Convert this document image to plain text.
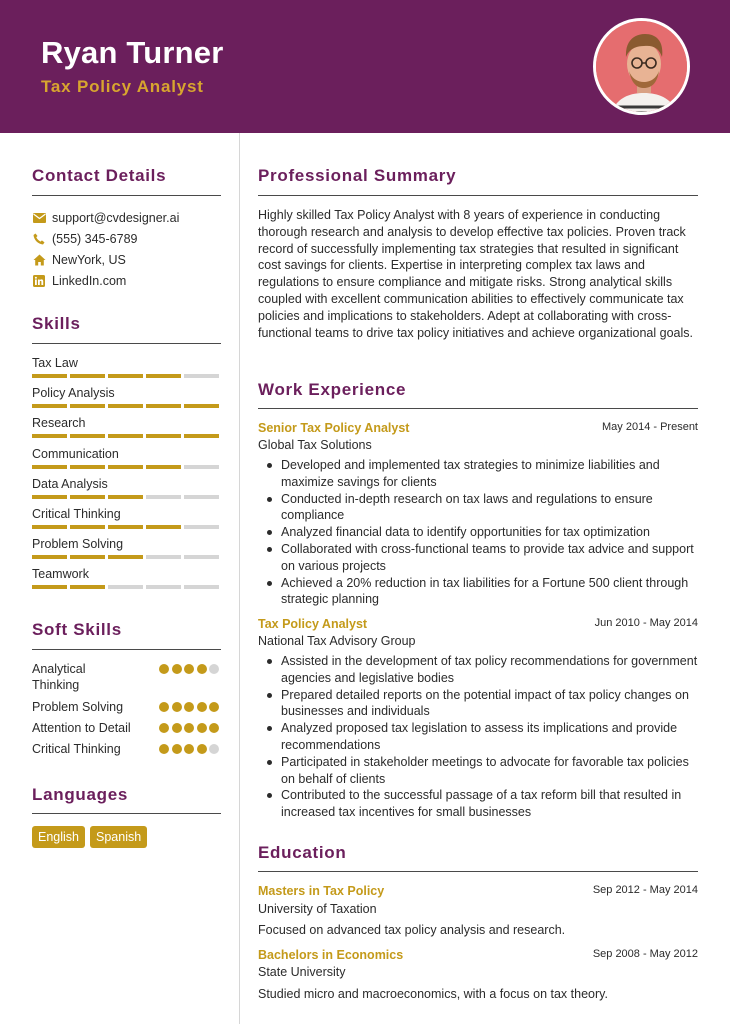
Ryan Turner
Tax Policy Analyst
Contact Details
support@cvdesigner.ai
(555) 345-6789
NewYork, US
LinkedIn.com
Skills
Tax Law
Policy Analysis
Research
Communication
Data Analysis
Critical Thinking
Problem Solving
Teamwork
Soft Skills
Analytical Thinking
Problem Solving
Attention to Detail
Critical Thinking
Languages
English	Spanish
Professional Summary
Highly skilled Tax Policy Analyst with 8 years of experience in conducting thorough research and analysis to develop effective tax policies. Proven track record of successfully implementing tax strategies that resulted in significant cost savings for clients. Expertise in interpreting complex tax laws and regulations to ensure compliance and mitigate risks. Strong analytical skills coupled with excellent communication abilities to effectively communicate tax policies and implications to stakeholders. Adept at collaborating with cross-functional teams to drive tax policy initiatives and achieve organizational goals.
Work Experience
Senior Tax Policy Analyst	May 2014 - Present
Global Tax Solutions
Developed and implemented tax strategies to minimize liabilities and maximize savings for clients
Conducted in-depth research on tax laws and regulations to ensure compliance
Analyzed financial data to identify opportunities for tax optimization
Collaborated with cross-functional teams to provide tax advice and support on various projects
Achieved a 20% reduction in tax liabilities for a Fortune 500 client through strategic planning
Tax Policy Analyst	Jun 2010 - May 2014
National Tax Advisory Group
Assisted in the development of tax policy recommendations for government agencies and legislative bodies
Prepared detailed reports on the potential impact of tax policy changes on businesses and individuals
Analyzed proposed tax legislation to assess its implications and provide recommendations
Participated in stakeholder meetings to advocate for favorable tax policies on behalf of clients
Contributed to the successful passage of a tax reform bill that resulted in increased tax incentives for small businesses
Education
Masters in Tax Policy	Sep 2012 - May 2014
University of Taxation
Focused on advanced tax policy analysis and research.
Bachelors in Economics	Sep 2008 - May 2012
State University
Studied micro and macroeconomics, with a focus on tax theory.
